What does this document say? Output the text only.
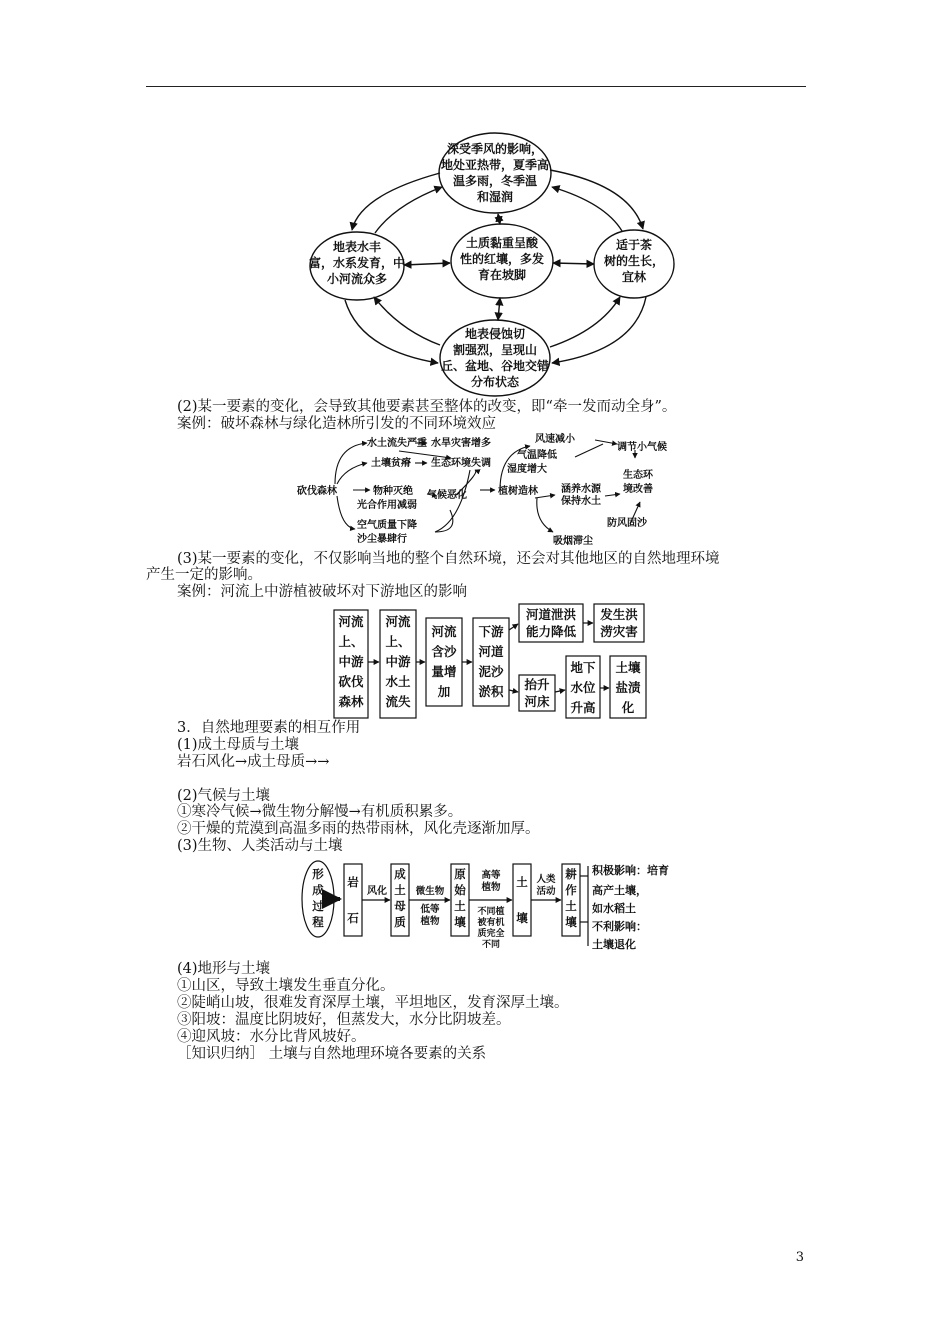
深受季风的影响，
地处亚热带，夏季高
温多雨，冬季温
和湿润
地表水丰
富，水系发育，中
小河流众多
土质黏重呈酸
性的红壤，多发
育在坡脚
适于茶
树的生长，
宜林
地表侵蚀切
割强烈，呈现山
丘、盆地、谷地交错
分布状态
(2)某一要素的变化，会导致其他要素甚至整体的改变，即“牵一发而动全身”。
案例：破坏森林与绿化造林所引发的不同环境效应
砍伐森林
水土流失严重 水旱灾害增多
土壤贫瘠 生态环境失调
物种灭绝
光合作用减弱
气候恶化
空气质量下降
沙尘暴肆行
植树造林
风速减小
气温降低
湿度增大
调节小气候
涵养水源
保持水土
生态环
境改善
防风固沙
吸烟滞尘
(3)某一要素的变化，不仅影响当地的整个自然环境，还会对其他地区的自然地理环境
产生一定的影响。
案例：河流上中游植被破坏对下游地区的影响
河流
上、
中游
砍伐
森林
河流
上、
中游
水土
流失
河流
含沙
量增
加
下游
河道
泥沙
淤积
河道泄洪
能力降低
发生洪
涝灾害
抬升
河床
地下
水位
升高
土壤
盐渍
化
3．自然地理要素的相互作用
(1)成土母质与土壤
岩石风化→成土母质→→
(2)气候与土壤
①寒冷气候→微生物分解慢→有机质积累多。
②干燥的荒漠到高温多雨的热带雨林，风化壳逐渐加厚。
(3)生物、人类活动与土壤
形
成
过
程
岩
石
风化
成
土
母
质
微生物
低等
植物
原
始
土
壤
高等
植物
不同植
被有机
质完全
不同
土
壤
人类
活动
耕
作
土
壤
积极影响：培育
高产土壤，
如水稻土
不利影响：
土壤退化
(4)地形与土壤
①山区，导致土壤发生垂直分化。
②陡峭山坡，很难发育深厚土壤，平坦地区，发育深厚土壤。
③阳坡：温度比阴坡好，但蒸发大，水分比阴坡差。
④迎风坡：水分比背风坡好。
［知识归纳］ 土壤与自然地理环境各要素的关系
3
